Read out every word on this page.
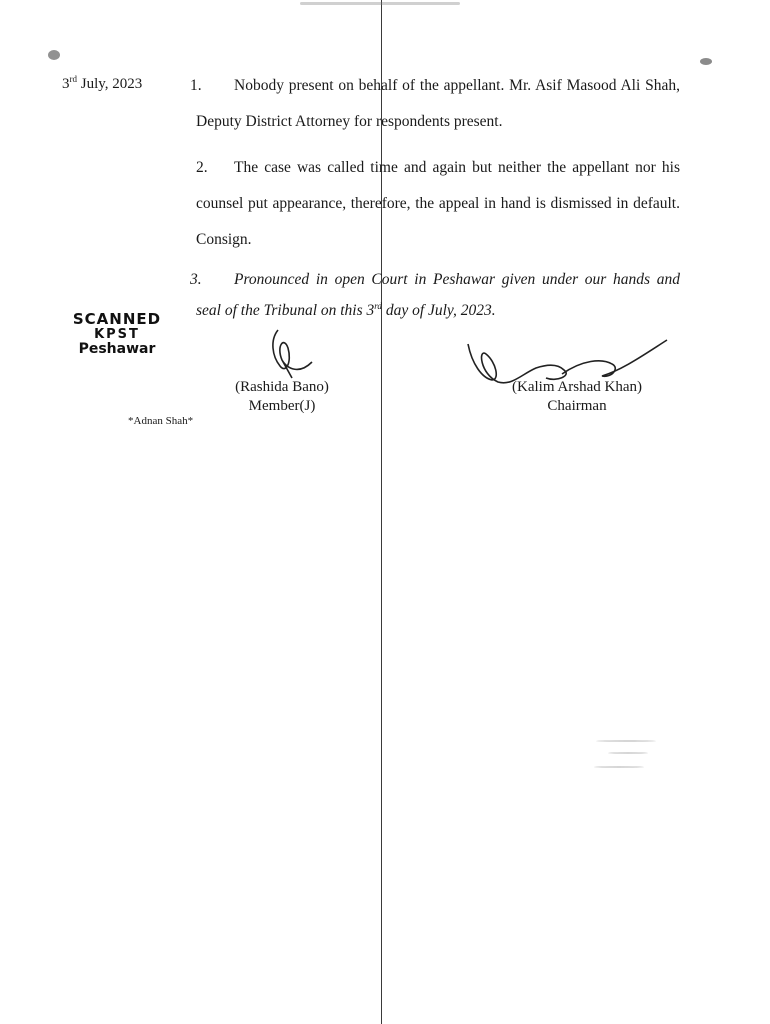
3rd July, 2023	1.	Nobody present on behalf of the appellant. Mr. Asif Masood Ali Shah, Deputy District Attorney for respondents present.
2.	The case was called time and again but neither the appellant nor his counsel put appearance, therefore, the appeal in hand is dismissed in default. Consign.
3.	Pronounced in open Court in Peshawar given under our hands and seal of the Tribunal on this 3rd day of July, 2023.
SCANNED
KPST
Peshawar
(Rashida Bano)
Member(J)
(Kalim Arshad Khan)
Chairman
*Adnan Shah*
